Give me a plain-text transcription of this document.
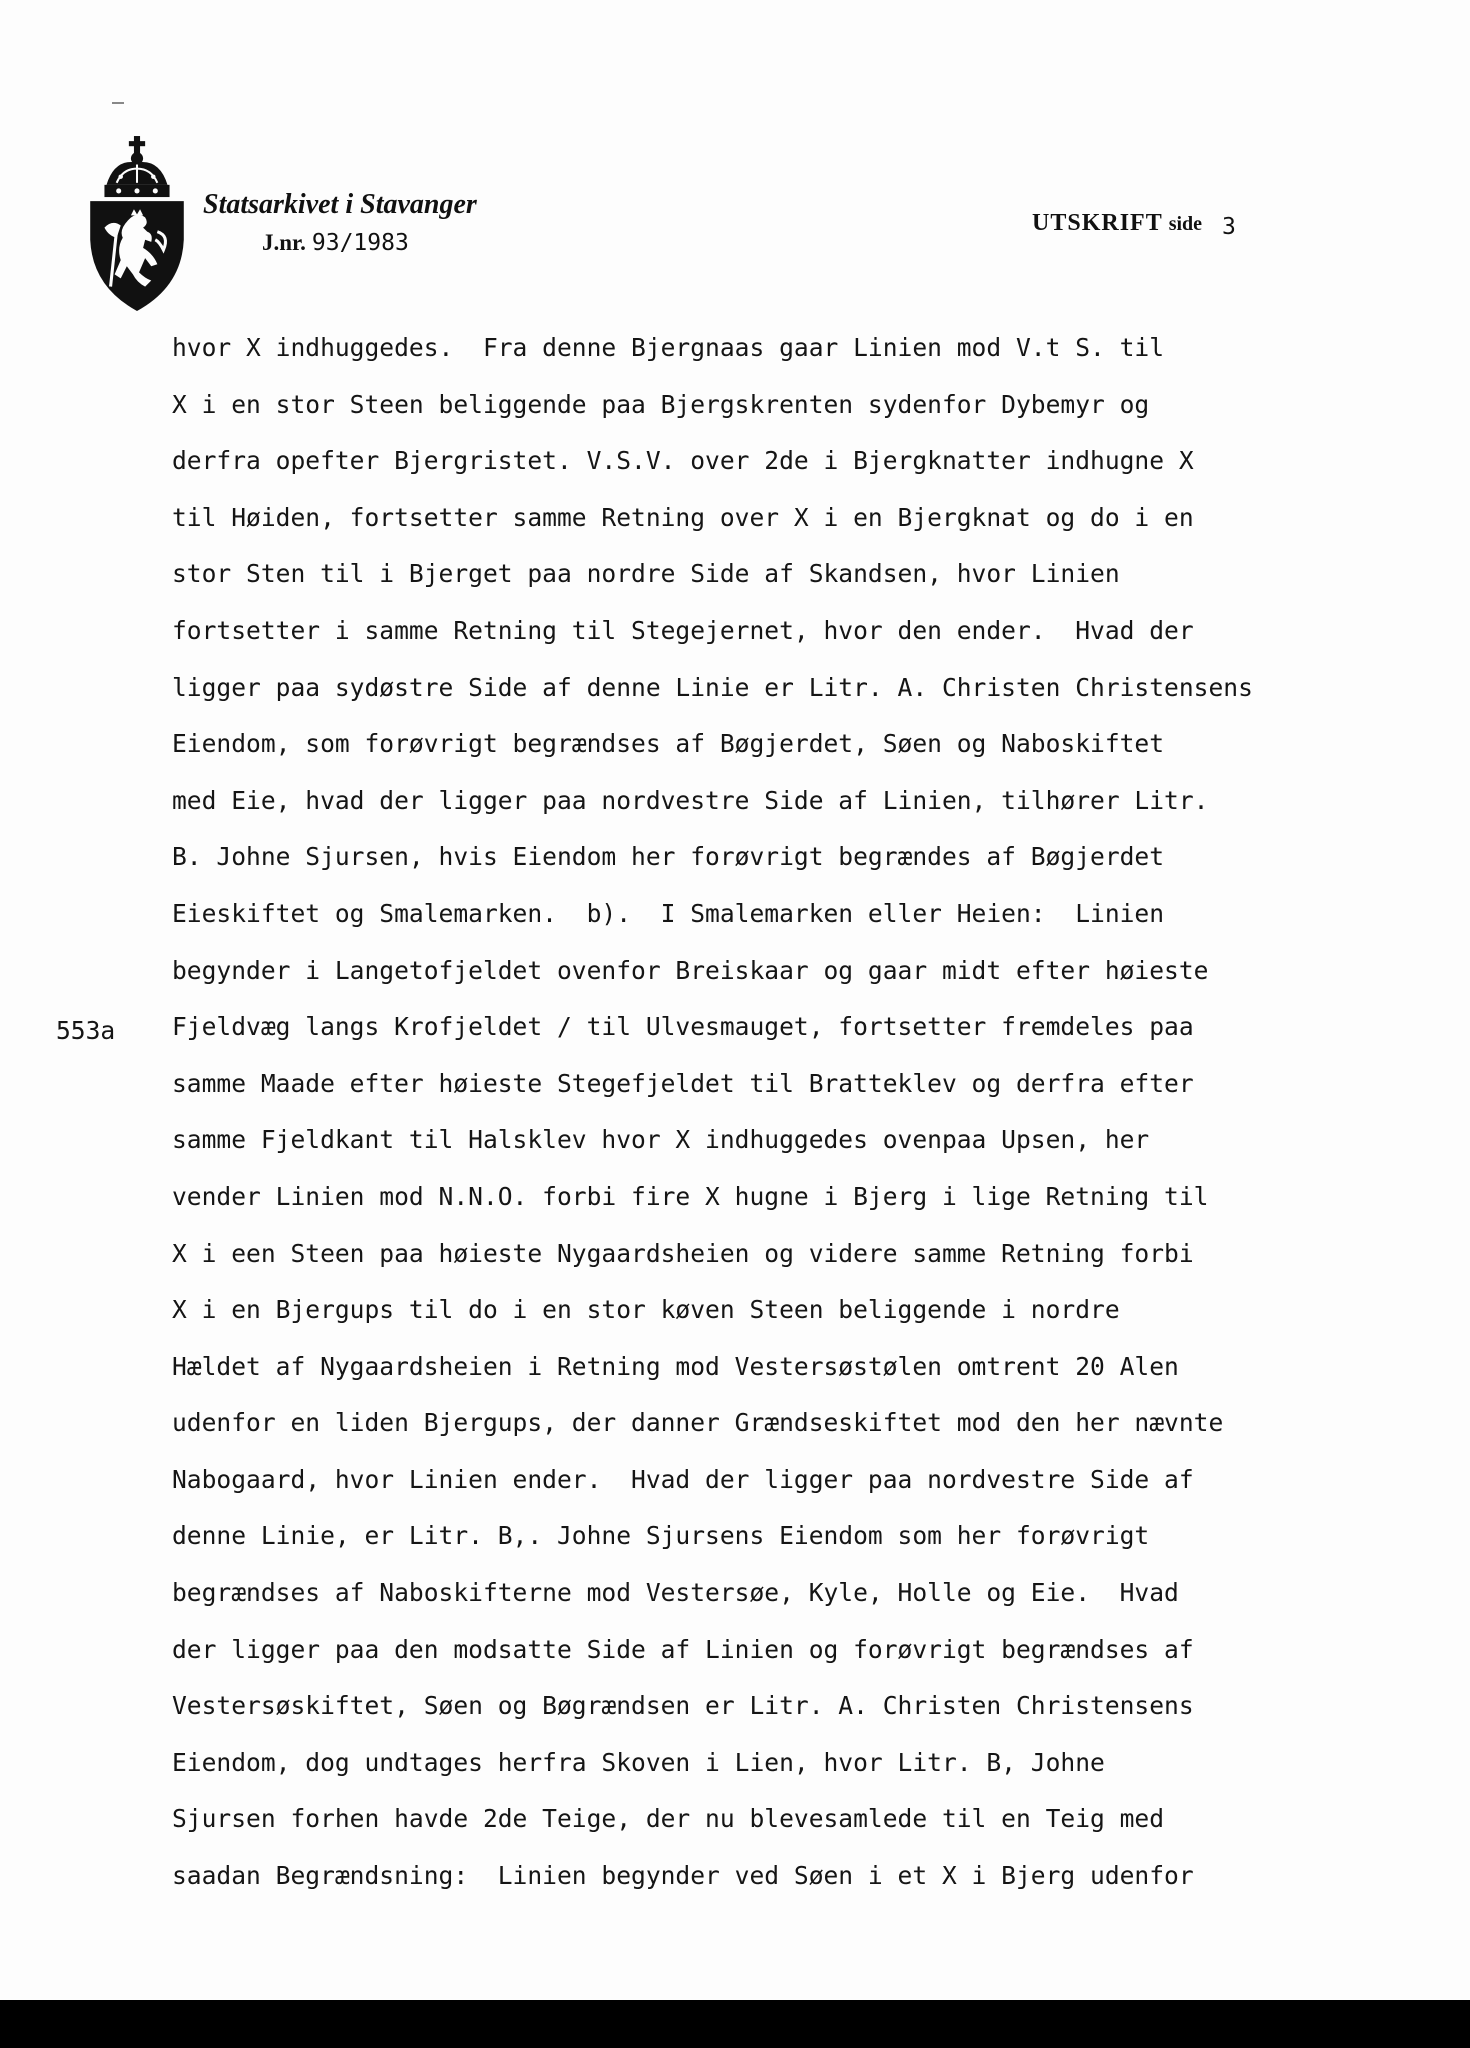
Statsarkivet i Stavanger
J.nr. 93/1983
UTSKRIFT side 3
553a
hvor X indhuggedes.  Fra denne Bjergnaas gaar Linien mod V.t S. til
X i en stor Steen beliggende paa Bjergskrenten sydenfor Dybemyr og
derfra opefter Bjergristet. V.S.V. over 2de i Bjergknatter indhugne X
til Høiden, fortsetter samme Retning over X i en Bjergknat og do i en
stor Sten til i Bjerget paa nordre Side af Skandsen, hvor Linien
fortsetter i samme Retning til Stegejernet, hvor den ender.  Hvad der
ligger paa sydøstre Side af denne Linie er Litr. A. Christen Christensens
Eiendom, som forøvrigt begrændses af Bøgjerdet, Søen og Naboskiftet
med Eie, hvad der ligger paa nordvestre Side af Linien, tilhører Litr.
B. Johne Sjursen, hvis Eiendom her forøvrigt begrændes af Bøgjerdet
Eieskiftet og Smalemarken.  b).  I Smalemarken eller Heien:  Linien
begynder i Langetofjeldet ovenfor Breiskaar og gaar midt efter høieste
Fjeldvæg langs Krofjeldet / til Ulvesmauget, fortsetter fremdeles paa
samme Maade efter høieste Stegefjeldet til Bratteklev og derfra efter
samme Fjeldkant til Halsklev hvor X indhuggedes ovenpaa Upsen, her
vender Linien mod N.N.O. forbi fire X hugne i Bjerg i lige Retning til
X i een Steen paa høieste Nygaardsheien og videre samme Retning forbi
X i en Bjergups til do i en stor køven Steen beliggende i nordre
Hældet af Nygaardsheien i Retning mod Vestersøstølen omtrent 20 Alen
udenfor en liden Bjergups, der danner Grændseskiftet mod den her nævnte
Nabogaard, hvor Linien ender.  Hvad der ligger paa nordvestre Side af
denne Linie, er Litr. B,. Johne Sjursens Eiendom som her forøvrigt
begrændses af Naboskifterne mod Vestersøe, Kyle, Holle og Eie.  Hvad
der ligger paa den modsatte Side af Linien og forøvrigt begrændses af
Vestersøskiftet, Søen og Bøgrændsen er Litr. A. Christen Christensens
Eiendom, dog undtages herfra Skoven i Lien, hvor Litr. B, Johne
Sjursen forhen havde 2de Teige, der nu blevesamlede til en Teig med
saadan Begrændsning:  Linien begynder ved Søen i et X i Bjerg udenfor
